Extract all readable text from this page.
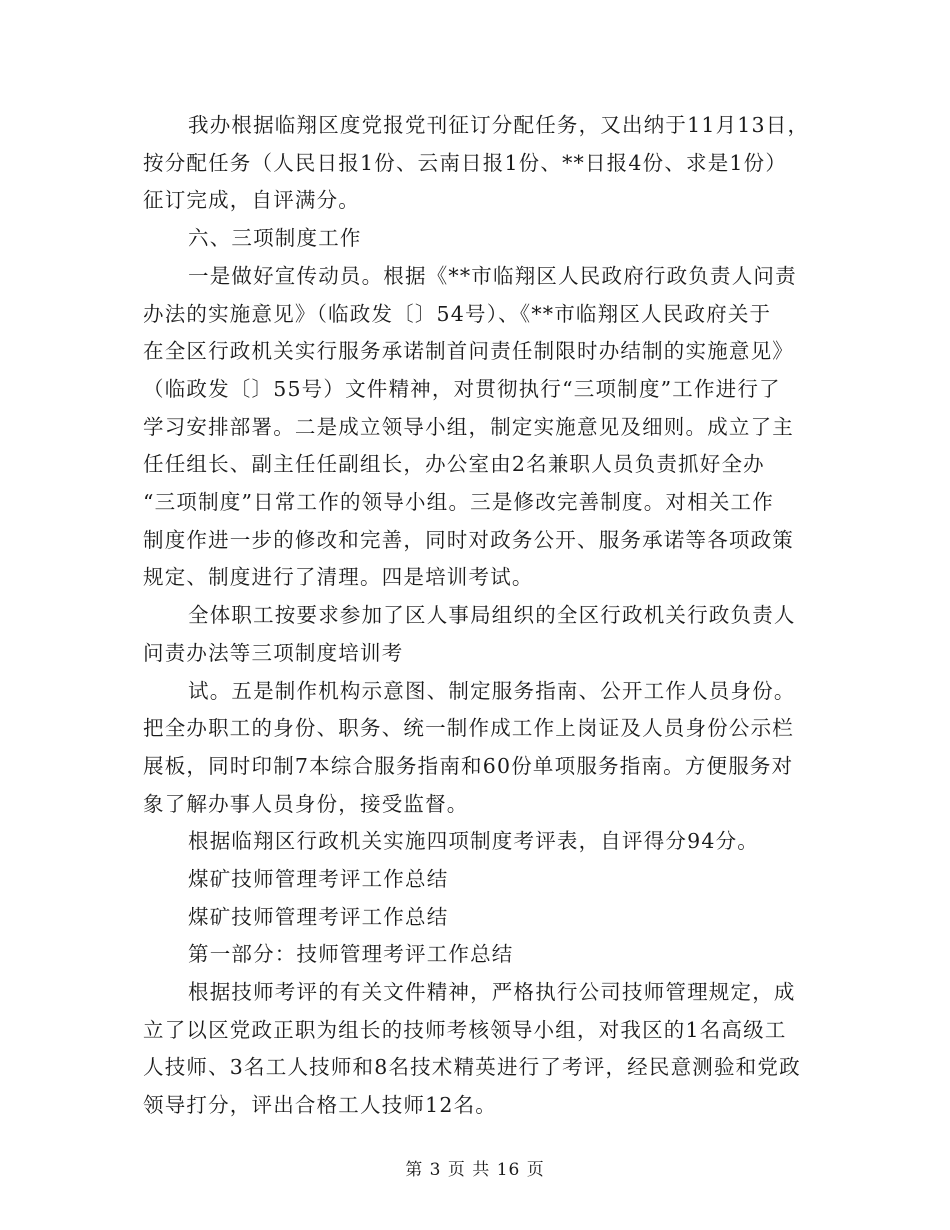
我办根据临翔区度党报党刊征订分配任务，又出纳于11月13日，
按分配任务（人民日报1份、云南日报1份、**日报4份、求是1份）
征订完成，自评满分。
六、三项制度工作
一是做好宣传动员。根据《**市临翔区人民政府行政负责人问责
办法的实施意见》（临政发〔〕54号）、《**市临翔区人民政府关于
在全区行政机关实行服务承诺制首问责任制限时办结制的实施意见》
（临政发〔〕55号）文件精神，对贯彻执行“三项制度”工作进行了
学习安排部署。二是成立领导小组，制定实施意见及细则。成立了主
任任组长、副主任任副组长，办公室由2名兼职人员负责抓好全办
“三项制度”日常工作的领导小组。三是修改完善制度。对相关工作
制度作进一步的修改和完善，同时对政务公开、服务承诺等各项政策
规定、制度进行了清理。四是培训考试。
全体职工按要求参加了区人事局组织的全区行政机关行政负责人
问责办法等三项制度培训考
试。五是制作机构示意图、制定服务指南、公开工作人员身份。
把全办职工的身份、职务、统一制作成工作上岗证及人员身份公示栏
展板，同时印制7本综合服务指南和60份单项服务指南。方便服务对
象了解办事人员身份，接受监督。
根据临翔区行政机关实施四项制度考评表，自评得分94分。
煤矿技师管理考评工作总结
煤矿技师管理考评工作总结
第一部分：技师管理考评工作总结
根据技师考评的有关文件精神，严格执行公司技师管理规定，成
立了以区党政正职为组长的技师考核领导小组，对我区的1名高级工
人技师、3名工人技师和8名技术精英进行了考评，经民意测验和党政
领导打分，评出合格工人技师12名。
第 3 页 共 16 页
